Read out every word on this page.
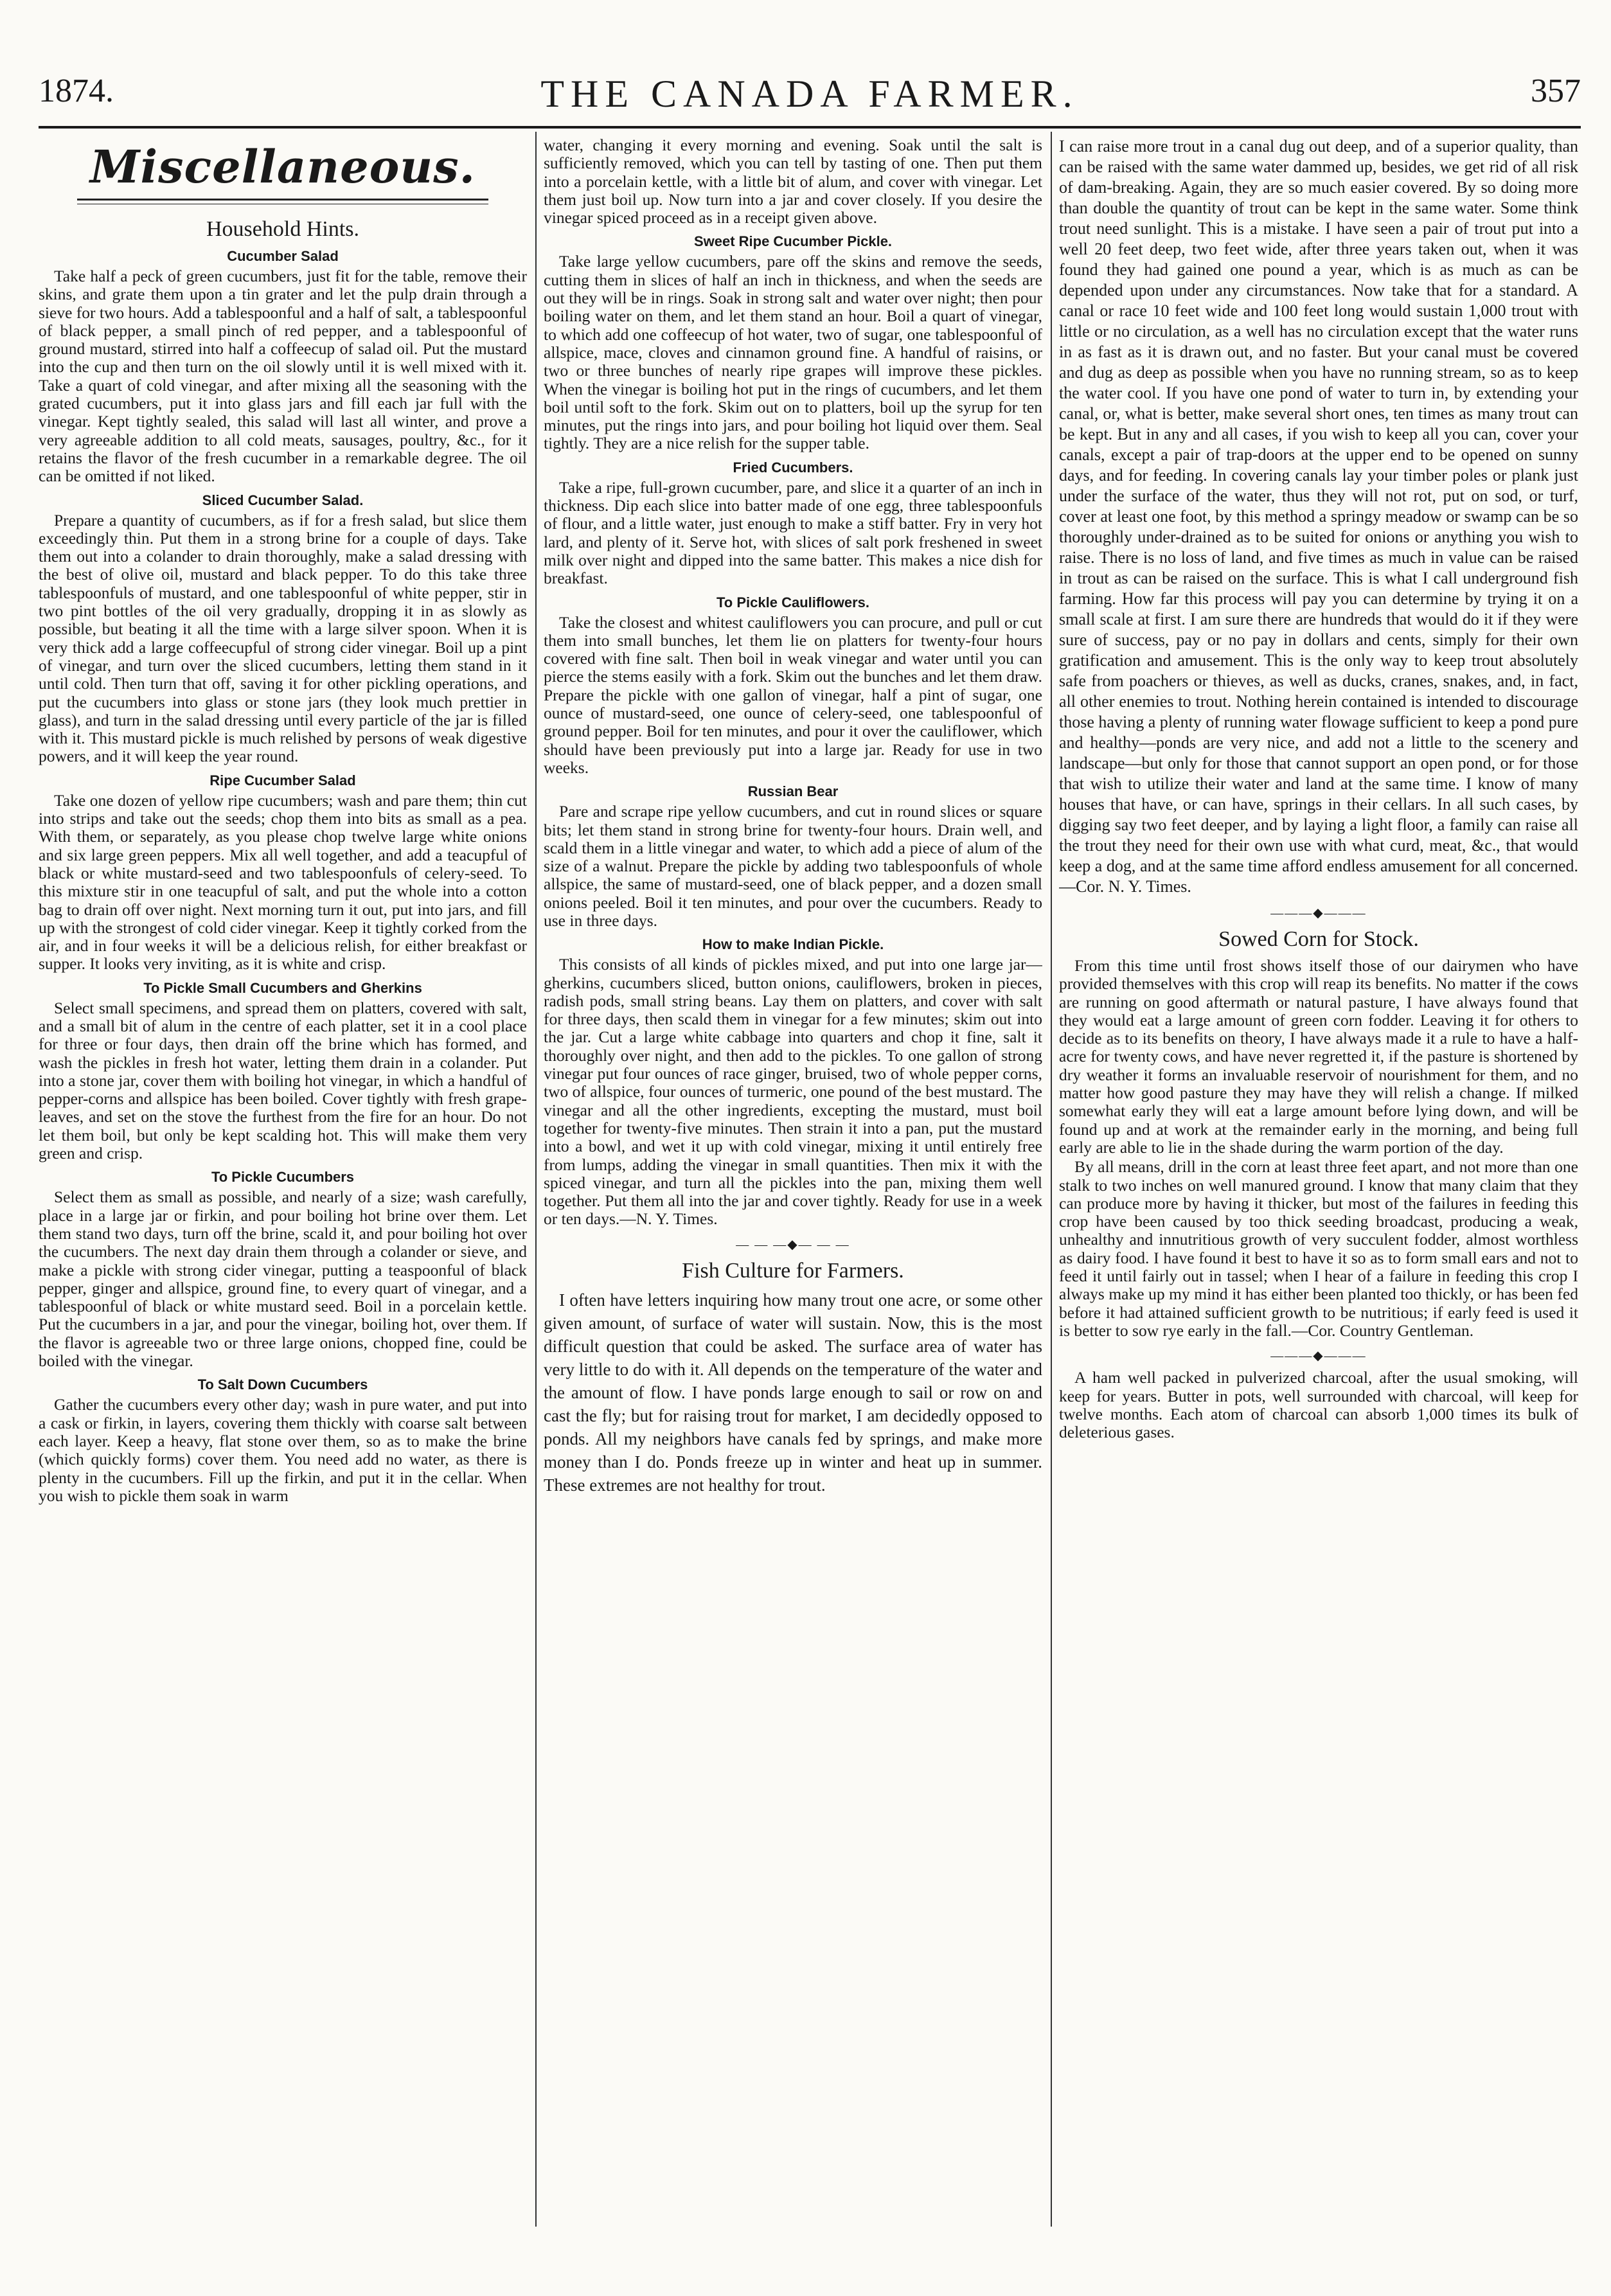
1874.	THE CANADA FARMER.	357
Miscellaneous.
Household Hints.
Cucumber Salad

Take half a peck of green cucumbers, just fit for the table, remove their skins, and grate them upon a tin grater and let the pulp drain through a sieve for two hours. Add a tablespoonful and a half of salt, a tablespoonful of black pepper, a small pinch of red pepper, and a tablespoonful of ground mustard, stirred into half a coffeecup of salad oil. Put the mustard into the cup and then turn on the oil slowly until it is well mixed with it. Take a quart of cold vinegar, and after mixing all the seasoning with the grated cucumbers, put it into glass jars and fill each jar full with the vinegar. Kept tightly sealed, this salad will last all winter, and prove a very agreeable addition to all cold meats, sausages, poultry, &c., for it retains the flavor of the fresh cucumber in a remarkable degree. The oil can be omitted if not liked.

Sliced Cucumber Salad.

Prepare a quantity of cucumbers, as if for a fresh salad, but slice them exceedingly thin. Put them in a strong brine for a couple of days. Take them out into a colander to drain thoroughly, make a salad dressing with the best of olive oil, mustard and black pepper. To do this take three tablespoonfuls of mustard, and one tablespoonful of white pepper, stir in two pint bottles of the oil very gradually, dropping it in as slowly as possible, but beating it all the time with a large silver spoon. When it is very thick add a large coffeecupful of strong cider vinegar. Boil up a pint of vinegar, and turn over the sliced cucumbers, letting them stand in it until cold. Then turn that off, saving it for other pickling operations, and put the cucumbers into glass or stone jars (they look much prettier in glass), and turn in the salad dressing until every particle of the jar is filled with it. This mustard pickle is much relished by persons of weak digestive powers, and it will keep the year round.

Ripe Cucumber Salad

Take one dozen of yellow ripe cucumbers; wash and pare them; thin cut into strips and take out the seeds; chop them into bits as small as a pea. With them, or separately, as you please chop twelve large white onions and six large green peppers. Mix all well together, and add a teacupful of black or white mustard-seed and two tablespoonfuls of celery-seed. To this mixture stir in one teacupful of salt, and put the whole into a cotton bag to drain off over night. Next morning turn it out, put into jars, and fill up with the strongest of cold cider vinegar. Keep it tightly corked from the air, and in four weeks it will be a delicious relish, for either breakfast or supper. It looks very inviting, as it is white and crisp.

To Pickle Small Cucumbers and Gherkins

Select small specimens, and spread them on platters, covered with salt, and a small bit of alum in the centre of each platter, set it in a cool place for three or four days, then drain off the brine which has formed, and wash the pickles in fresh hot water, letting them drain in a colander. Put into a stone jar, cover them with boiling hot vinegar, in which a handful of pepper-corns and allspice has been boiled. Cover tightly with fresh grape-leaves, and set on the stove the furthest from the fire for an hour. Do not let them boil, but only be kept scalding hot. This will make them very green and crisp.

To Pickle Cucumbers

Select them as small as possible, and nearly of a size; wash carefully, place in a large jar or firkin, and pour boiling hot brine over them. Let them stand two days, turn off the brine, scald it, and pour boiling hot over the cucumbers. The next day drain them through a colander or sieve, and make a pickle with strong cider vinegar, putting a teaspoonful of black pepper, ginger and allspice, ground fine, to every quart of vinegar, and a tablespoonful of black or white mustard seed. Boil in a porcelain kettle. Put the cucumbers in a jar, and pour the vinegar, boiling hot, over them. If the flavor is agreeable two or three large onions, chopped fine, could be boiled with the vinegar.

To Salt Down Cucumbers

Gather the cucumbers every other day; wash in pure water, and put into a cask or firkin, in layers, covering them thickly with coarse salt between each layer. Keep a heavy, flat stone over them, so as to make the brine (which quickly forms) cover them. You need add no water, as there is plenty in the cucumbers. Fill up the firkin, and put it in the cellar. When you wish to pickle them soak in warm

water, changing it every morning and evening. Soak until the salt is sufficiently removed, which you can tell by tasting of one. Then put them into a porcelain kettle, with a little bit of alum, and cover with vinegar. Let them just boil up. Now turn into a jar and cover closely. If you desire the vinegar spiced proceed as in a receipt given above.

Sweet Ripe Cucumber Pickle.

Take large yellow cucumbers, pare off the skins and remove the seeds, cutting them in slices of half an inch in thickness, and when the seeds are out they will be in rings. Soak in strong salt and water over night; then pour boiling water on them, and let them stand an hour. Boil a quart of vinegar, to which add one coffeecup of hot water, two of sugar, one tablespoonful of allspice, mace, cloves and cinnamon ground fine. A handful of raisins, or two or three bunches of nearly ripe grapes will improve these pickles. When the vinegar is boiling hot put in the rings of cucumbers, and let them boil until soft to the fork. Skim out on to platters, boil up the syrup for ten minutes, put the rings into jars, and pour boiling hot liquid over them. Seal tightly. They are a nice relish for the supper table.

Fried Cucumbers.

Take a ripe, full-grown cucumber, pare, and slice it a quarter of an inch in thickness. Dip each slice into batter made of one egg, three tablespoonfuls of flour, and a little water, just enough to make a stiff batter. Fry in very hot lard, and plenty of it. Serve hot, with slices of salt pork freshened in sweet milk over night and dipped into the same batter. This makes a nice dish for breakfast.

To Pickle Cauliflowers.

Take the closest and whitest cauliflowers you can procure, and pull or cut them into small bunches, let them lie on platters for twenty-four hours covered with fine salt. Then boil in weak vinegar and water until you can pierce the stems easily with a fork. Skim out the bunches and let them draw. Prepare the pickle with one gallon of vinegar, half a pint of sugar, one ounce of mustard-seed, one ounce of celery-seed, one tablespoonful of ground pepper. Boil for ten minutes, and pour it over the cauliflower, which should have been previously put into a large jar. Ready for use in two weeks.

Russian Bear

Pare and scrape ripe yellow cucumbers, and cut in round slices or square bits; let them stand in strong brine for twenty-four hours. Drain well, and scald them in a little vinegar and water, to which add a piece of alum of the size of a walnut. Prepare the pickle by adding two tablespoonfuls of whole allspice, the same of mustard-seed, one of black pepper, and a dozen small onions peeled. Boil it ten minutes, and pour over the cucumbers. Ready to use in three days.

How to make Indian Pickle.

This consists of all kinds of pickles mixed, and put into one large jar—gherkins, cucumbers sliced, button onions, cauliflowers, broken in pieces, radish pods, small string beans. Lay them on platters, and cover with salt for three days, then scald them in vinegar for a few minutes; skim out into the jar. Cut a large white cabbage into quarters and chop it fine, salt it thoroughly over night, and then add to the pickles. To one gallon of strong vinegar put four ounces of race ginger, bruised, two of whole pepper corns, two of allspice, four ounces of turmeric, one pound of the best mustard. The vinegar and all the other ingredients, excepting the mustard, must boil together for twenty-five minutes. Then strain it into a pan, put the mustard into a bowl, and wet it up with cold vinegar, mixing it until entirely free from lumps, adding the vinegar in small quantities. Then mix it with the spiced vinegar, and turn all the pickles into the pan, mixing them well together. Put them all into the jar and cover tightly. Ready for use in a week or ten days.—N. Y. Times.

— — —◆— — —
Fish Culture for Farmers.

I often have letters inquiring how many trout one acre, or some other given amount, of surface of water will sustain. Now, this is the most difficult question that could be asked. The surface area of water has very little to do with it. All depends on the temperature of the water and the amount of flow. I have ponds large enough to sail or row on and cast the fly; but for raising trout for market, I am decidedly opposed to ponds. All my neighbors have canals fed by springs, and make more money than I do. Ponds freeze up in winter and heat up in summer. These extremes are not healthy for trout.

I can raise more trout in a canal dug out deep, and of a superior quality, than can be raised with the same water dammed up, besides, we get rid of all risk of dam-breaking. Again, they are so much easier covered. By so doing more than double the quantity of trout can be kept in the same water. Some think trout need sunlight. This is a mistake. I have seen a pair of trout put into a well 20 feet deep, two feet wide, after three years taken out, when it was found they had gained one pound a year, which is as much as can be depended upon under any circumstances. Now take that for a standard. A canal or race 10 feet wide and 100 feet long would sustain 1,000 trout with little or no circulation, as a well has no circulation except that the water runs in as fast as it is drawn out, and no faster. But your canal must be covered and dug as deep as possible when you have no running stream, so as to keep the water cool. If you have one pond of water to turn in, by extending your canal, or, what is better, make several short ones, ten times as many trout can be kept. But in any and all cases, if you wish to keep all you can, cover your canals, except a pair of trap-doors at the upper end to be opened on sunny days, and for feeding. In covering canals lay your timber poles or plank just under the surface of the water, thus they will not rot, put on sod, or turf, cover at least one foot, by this method a springy meadow or swamp can be so thoroughly under-drained as to be suited for onions or anything you wish to raise. There is no loss of land, and five times as much in value can be raised in trout as can be raised on the surface. This is what I call underground fish farming. How far this process will pay you can determine by trying it on a small scale at first. I am sure there are hundreds that would do it if they were sure of success, pay or no pay in dollars and cents, simply for their own gratification and amusement. This is the only way to keep trout absolutely safe from poachers or thieves, as well as ducks, cranes, snakes, and, in fact, all other enemies to trout. Nothing herein contained is intended to discourage those having a plenty of running water flowage sufficient to keep a pond pure and healthy—ponds are very nice, and add not a little to the scenery and landscape—but only for those that cannot support an open pond, or for those that wish to utilize their water and land at the same time. I know of many houses that have, or can have, springs in their cellars. In all such cases, by digging say two feet deeper, and by laying a light floor, a family can raise all the trout they need for their own use with what curd, meat, &c., that would keep a dog, and at the same time afford endless amusement for all concerned.—Cor. N. Y. Times.

———◆———
Sowed Corn for Stock.

From this time until frost shows itself those of our dairymen who have provided themselves with this crop will reap its benefits. No matter if the cows are running on good aftermath or natural pasture, I have always found that they would eat a large amount of green corn fodder. Leaving it for others to decide as to its benefits on theory, I have always made it a rule to have a half-acre for twenty cows, and have never regretted it, if the pasture is shortened by dry weather it forms an invaluable reservoir of nourishment for them, and no matter how good pasture they may have they will relish a change. If milked somewhat early they will eat a large amount before lying down, and will be found up and at work at the remainder early in the morning, and being full early are able to lie in the shade during the warm portion of the day.

By all means, drill in the corn at least three feet apart, and not more than one stalk to two inches on well manured ground. I know that many claim that they can produce more by having it thicker, but most of the failures in feeding this crop have been caused by too thick seeding broadcast, producing a weak, unhealthy and innutritious growth of very succulent fodder, almost worthless as dairy food. I have found it best to have it so as to form small ears and not to feed it until fairly out in tassel; when I hear of a failure in feeding this crop I always make up my mind it has either been planted too thickly, or has been fed before it had attained sufficient growth to be nutritious; if early feed is used it is better to sow rye early in the fall.—Cor. Country Gentleman.

———◆———

A ham well packed in pulverized charcoal, after the usual smoking, will keep for years. Butter in pots, well surrounded with charcoal, will keep for twelve months. Each atom of charcoal can absorb 1,000 times its bulk of deleterious gases.
